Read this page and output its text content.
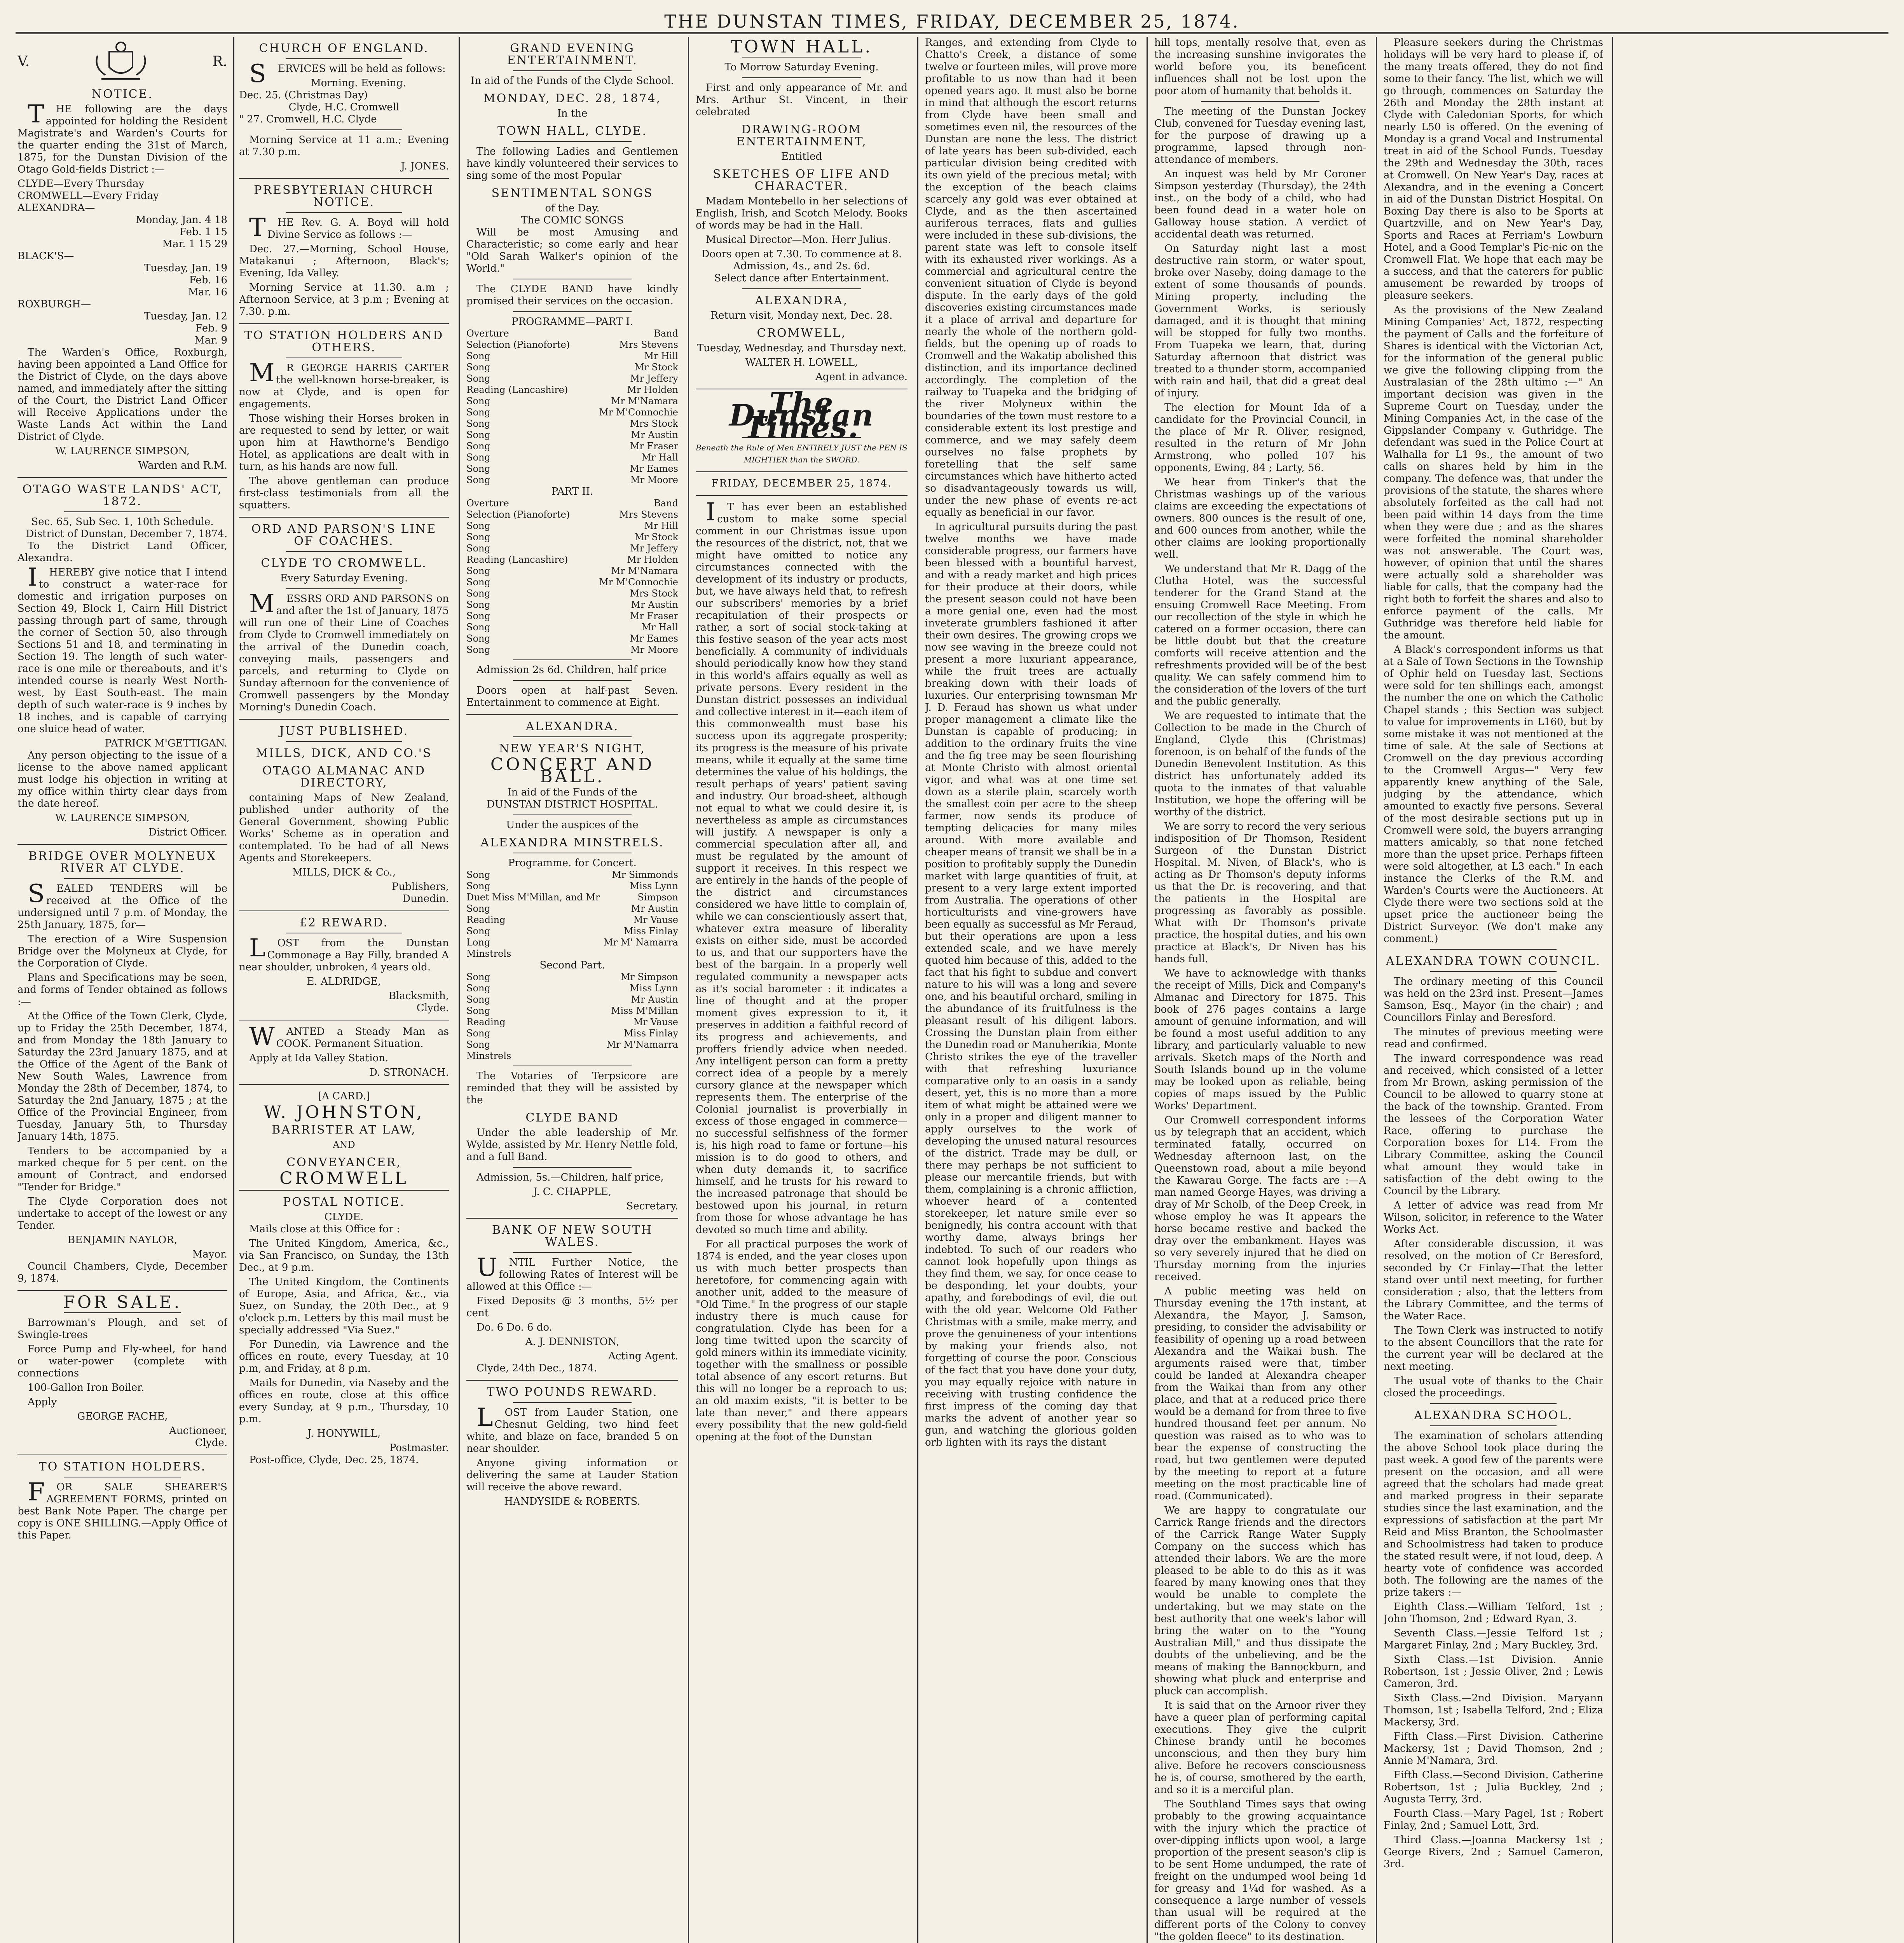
THE DUNSTAN TIMES, FRIDAY, DECEMBER 25, 1874.
V.	R.
NOTICE.

THE following are the days appointed for holding the Resident Magistrate's and Warden's Courts for the quarter ending the 31st of March, 1875, for the Dunstan Division of the Otago Gold-fields District :—

CLYDE—Every Thursday
CROMWELL—Every Friday
ALEXANDRA—
Monday, Jan. 4 18
Feb. 1 15
Mar. 1 15 29
BLACK'S—
Tuesday, Jan. 19
Feb. 16
Mar. 16
ROXBURGH—
Tuesday, Jan. 12
Feb. 9
Mar. 9

The Warden's Office, Roxburgh, having been appointed a Land Office for the District of Clyde, on the days above named, and immediately after the sitting of the Court, the District Land Officer will Receive Applications under the Waste Lands Act within the Land District of Clyde.

W. LAURENCE SIMPSON,
Warden and R.M.
OTAGO WASTE LANDS' ACT, 1872.
Sec. 65, Sub Sec. 1, 10th Schedule.
District of Dunstan, December 7, 1874.

To the District Land Officer, Alexandra.

IHEREBY give notice that I intend to construct a water-race for domestic and irrigation purposes on Section 49, Block 1, Cairn Hill District passing through part of same, through the corner of Section 50, also through Sections 51 and 18, and terminating in Section 19. The length of such water-race is one mile or thereabouts, and it's intended course is nearly West North-west, by East South-east. The main depth of such water-race is 9 inches by 18 inches, and is capable of carrying one sluice head of water.

PATRICK M'GETTIGAN.

Any person objecting to the issue of a license to the above named applicant must lodge his objection in writing at my office within thirty clear days from the date hereof.

W. LAURENCE SIMPSON,
District Officer.
BRIDGE OVER MOLYNEUX RIVER AT CLYDE.

SEALED TENDERS will be received at the Office of the undersigned until 7 p.m. of Monday, the 25th January, 1875, for—

The erection of a Wire Suspension Bridge over the Molyneux at Clyde, for the Corporation of Clyde.

Plans and Specifications may be seen, and forms of Tender obtained as follows :—

At the Office of the Town Clerk, Clyde, up to Friday the 25th December, 1874, and from Monday the 18th January to Saturday the 23rd January 1875, and at the Office of the Agent of the Bank of New South Wales, Lawrence from Monday the 28th of December, 1874, to Saturday the 2nd January, 1875 ; at the Office of the Provincial Engineer, from Tuesday, January 5th, to Thursday January 14th, 1875.

Tenders to be accompanied by a marked cheque for 5 per cent. on the amount of Contract, and endorsed "Tender for Bridge."

The Clyde Corporation does not undertake to accept of the lowest or any Tender.

BENJAMIN NAYLOR,
Mayor.

Council Chambers, Clyde, December 9, 1874.

FOR SALE.

Barrowman's Plough, and set of Swingle-trees

Force Pump and Fly-wheel, for hand or water-power (complete with connections

100-Gallon Iron Boiler.

Apply

GEORGE FACHE,
Auctioneer,
Clyde.
TO STATION HOLDERS.

FOR SALE SHEARER'S AGREEMENT FORMS, printed on best Bank Note Paper. The charge per copy is ONE SHILLING.—Apply Office of this Paper.

CHURCH OF ENGLAND.

SERVICES will be held as follows:

Morning. Evening.
Dec. 25. (Christmas Day)
Clyde, H.C. Cromwell
" 27. Cromwell, H.C. Clyde

Morning Service at 11 a.m.; Evening at 7.30 p.m.

J. JONES.
PRESBYTERIAN CHURCH NOTICE.

THE Rev. G. A. Boyd will hold Divine Service as follows :—

Dec. 27.—Morning, School House, Matakanui ; Afternoon, Black's; Evening, Ida Valley.

Morning Service at 11.30. a.m ; Afternoon Service, at 3 p.m ; Evening at 7.30. p.m.

TO STATION HOLDERS AND OTHERS.

MR GEORGE HARRIS CARTER the well-known horse-breaker, is now at Clyde, and is open for engagements.

Those wishing their Horses broken in are requested to send by letter, or wait upon him at Hawthorne's Bendigo Hotel, as applications are dealt with in turn, as his hands are now full.

The above gentleman can produce first-class testimonials from all the squatters.

ORD AND PARSON'S LINE OF COACHES.
CLYDE TO CROMWELL.
Every Saturday Evening.

MESSRS ORD AND PARSONS on and after the 1st of January, 1875 will run one of their Line of Coaches from Clyde to Cromwell immediately on the arrival of the Dunedin coach, conveying mails, passengers and parcels, and returning to Clyde on Sunday afternoon for the convenience of Cromwell passengers by the Monday Morning's Dunedin Coach.

JUST PUBLISHED.
MILLS, DICK, AND CO.'S
OTAGO ALMANAC AND DIRECTORY,

containing Maps of New Zealand, published under authority of the General Government, showing Public Works' Scheme as in operation and contemplated. To be had of all News Agents and Storekeepers.

MILLS, DICK & Co.,
Publishers,
Dunedin.
£2 REWARD.

LOST from the Dunstan Commonage a Bay Filly, branded A near shoulder, unbroken, 4 years old.

E. ALDRIDGE,
Blacksmith,
Clyde.

WANTED a Steady Man as COOK. Permanent Situation.

Apply at Ida Valley Station.

D. STRONACH.
[A CARD.]
W. JOHNSTON,
BARRISTER AT LAW,
AND
CONVEYANCER,
CROMWELL
POSTAL NOTICE.
CLYDE.

Mails close at this Office for :

The United Kingdom, America, &c., via San Francisco, on Sunday, the 13th Dec., at 9 p.m.

The United Kingdom, the Continents of Europe, Asia, and Africa, &c., via Suez, on Sunday, the 20th Dec., at 9 o'clock p.m. Letters by this mail must be specially addressed "Via Suez."

For Dunedin, via Lawrence and the offices en route, every Tuesday, at 10 p.m, and Friday, at 8 p.m.

Mails for Dunedin, via Naseby and the offices en route, close at this office every Sunday, at 9 p.m., Thursday, 10 p.m.

J. HONYWILL,
Postmaster.

Post-office, Clyde, Dec. 25, 1874.

GRAND EVENING ENTERTAINMENT.
In aid of the Funds of the Clyde School.
MONDAY, DEC. 28, 1874,
In the
TOWN HALL, CLYDE.

The following Ladies and Gentlemen have kindly volunteered their services to sing some of the most Popular

SENTIMENTAL SONGS
of the Day.
The COMIC SONGS

Will be most Amusing and Characteristic; so come early and hear "Old Sarah Walker's opinion of the World."

The CLYDE BAND have kindly promised their services on the occasion.

PROGRAMME—PART I.
Overture	Band
Selection (Pianoforte)	Mrs Stevens
Song	Mr Hill
Song	Mr Stock
Song	Mr Jeffery
Reading (Lancashire)	Mr Holden
Song	Mr M'Namara
Song	Mr M'Connochie
Song	Mrs Stock
Song	Mr Austin
Song	Mr Fraser
Song	Mr Hall
Song	Mr Eames
Song	Mr Moore
PART II.
Overture	Band
Selection (Pianoforte)	Mrs Stevens
Song	Mr Hill
Song	Mr Stock
Song	Mr Jeffery
Reading (Lancashire)	Mr Holden
Song	Mr M'Namara
Song	Mr M'Connochie
Song	Mrs Stock
Song	Mr Austin
Song	Mr Fraser
Song	Mr Hall
Song	Mr Eames
Song	Mr Moore

Admission 2s 6d. Children, half price

Doors open at half-past Seven. Entertainment to commence at Eight.

ALEXANDRA.
NEW YEAR'S NIGHT,
CONCERT AND BALL.
In aid of the Funds of the
DUNSTAN DISTRICT HOSPITAL.
Under the auspices of the
ALEXANDRA MINSTRELS.
Programme. for Concert.
Song	Mr Simmonds
Song	Miss Lynn
Duet Miss M'Millan, and Mr	Simpson
Song	Mr Austin
Reading	Mr Vause
Song	Miss Finlay
Long	Mr M' Namarra
Minstrels
Second Part.
Song	Mr Simpson
Song	Miss Lynn
Song	Mr Austin
Song	Miss M'Millan
Reading	Mr Vause
Song	Miss Finlay
Song	Mr M'Namarra
Minstrels

The Votaries of Terpsicore are reminded that they will be assisted by the

CLYDE BAND

Under the able leadership of Mr. Wylde, assisted by Mr. Henry Nettle fold, and a full Band.

Admission, 5s.—Children, half price,

J. C. CHAPPLE,
Secretary.
BANK OF NEW SOUTH WALES.

UNTIL Further Notice, the following Rates of Interest will be allowed at this Office :—

Fixed Deposits @ 3 months, 5½ per cent

Do. 6 Do. 6 do.

A. J. DENNISTON,
Acting Agent.

Clyde, 24th Dec., 1874.

TWO POUNDS REWARD.

LOST from Lauder Station, one Chesnut Gelding, two hind feet white, and blaze on face, branded 5 on near shoulder.

Anyone giving information or delivering the same at Lauder Station will receive the above reward.

HANDYSIDE & ROBERTS.
TOWN HALL.
To Morrow Saturday Evening.

First and only appearance of Mr. and Mrs. Arthur St. Vincent, in their celebrated

DRAWING-ROOM ENTERTAINMENT,
Entitled
SKETCHES OF LIFE AND CHARACTER.

Madam Montebello in her selections of English, Irish, and Scotch Melody. Books of words may be had in the Hall.

Musical Director—Mon. Herr Julius.

Doors open at 7.30. To commence at 8.
Admission, 4s., and 2s. 6d.
Select dance after Entertainment.
ALEXANDRA,
Return visit, Monday next, Dec. 28.
CROMWELL,
Tuesday, Wednesday, and Thursday next.
WALTER H. LOWELL,
Agent in advance.
The Dunstan Times.
Beneath the Rule of Men ENTIRELY JUST the PEN IS MIGHTIER than the SWORD.
FRIDAY, DECEMBER 25, 1874.

IT has ever been an established custom to make some special comment in our Christmas issue upon the resources of the district, not, that we might have omitted to notice any circumstances connected with the development of its industry or products, but, we have always held that, to refresh our subscribers' memories by a brief recapitulation of their prospects or rather, a sort of social stock-taking at this festive season of the year acts most beneficially. A community of individuals should periodically know how they stand in this world's affairs equally as well as private persons. Every resident in the Dunstan district possesses an individual and collective interest in it—each item of this commonwealth must base his success upon its aggregate prosperity; its progress is the measure of his private means, while it equally at the same time determines the value of his holdings, the result perhaps of years' patient saving and industry. Our broad-sheet, although not equal to what we could desire it, is nevertheless as ample as circumstances will justify. A newspaper is only a commercial speculation after all, and must be regulated by the amount of support it receives. In this respect we are entirely in the hands of the people of the district and circumstances considered we have little to complain of, while we can conscientiously assert that, whatever extra measure of liberality exists on either side, must be accorded to us, and that our supporters have the best of the bargain. In a properly well regulated community a newspaper acts as it's social barometer : it indicates a line of thought and at the proper moment gives expression to it, it preserves in addition a faithful record of its progress and achievements, and proffers friendly advice when needed. Any intelligent person can form a pretty correct idea of a people by a merely cursory glance at the newspaper which represents them. The enterprise of the Colonial journalist is proverbially in excess of those engaged in commerce—no successful selfishness of the former is, his high road to fame or fortune—his mission is to do good to others, and when duty demands it, to sacrifice himself, and he trusts for his reward to the increased patronage that should be bestowed upon his journal, in return from those for whose advantage he has devoted so much time and ability.

For all practical purposes the work of 1874 is ended, and the year closes upon us with much better prospects than heretofore, for commencing again with another unit, added to the measure of "Old Time." In the progress of our staple industry there is much cause for congratulation. Clyde has been for a long time twitted upon the scarcity of gold miners within its immediate vicinity, together with the smallness or possible total absence of any escort returns. But this will no longer be a reproach to us; an old maxim exists, "it is better to be late than never," and there appears every possibility that the new gold-field opening at the foot of the Dunstan

Ranges, and extending from Clyde to Chatto's Creek, a distance of some twelve or fourteen miles, will prove more profitable to us now than had it been opened years ago. It must also be borne in mind that although the escort returns from Clyde have been small and sometimes even nil, the resources of the Dunstan are none the less. The district of late years has been sub-divided, each particular division being credited with its own yield of the precious metal; with the exception of the beach claims scarcely any gold was ever obtained at Clyde, and as the then ascertained auriferous terraces, flats and gullies were included in these sub-divisions, the parent state was left to console itself with its exhausted river workings. As a commercial and agricultural centre the convenient situation of Clyde is beyond dispute. In the early days of the gold discoveries existing circumstances made it a place of arrival and departure for nearly the whole of the northern gold-fields, but the opening up of roads to Cromwell and the Wakatip abolished this distinction, and its importance declined accordingly. The completion of the railway to Tuapeka and the bridging of the river Molyneux within the boundaries of the town must restore to a considerable extent its lost prestige and commerce, and we may safely deem ourselves no false prophets by foretelling that the self same circumstances which have hitherto acted so disadvantageously towards us will, under the new phase of events re-act equally as beneficial in our favor.

In agricultural pursuits during the past twelve months we have made considerable progress, our farmers have been blessed with a bountiful harvest, and with a ready market and high prices for their produce at their doors, while the present season could not have been a more genial one, even had the most inveterate grumblers fashioned it after their own desires. The growing crops we now see waving in the breeze could not present a more luxuriant appearance, while the fruit trees are actually breaking down with their loads of luxuries. Our enterprising townsman Mr J. D. Feraud has shown us what under proper management a climate like the Dunstan is capable of producing; in addition to the ordinary fruits the vine and the fig tree may be seen flourishing at Monte Christo with almost oriental vigor, and what was at one time set down as a sterile plain, scarcely worth the smallest coin per acre to the sheep farmer, now sends its produce of tempting delicacies for many miles around. With more available and cheaper means of transit we shall be in a position to profitably supply the Dunedin market with large quantities of fruit, at present to a very large extent imported from Australia. The operations of other horticulturists and vine-growers have been equally as successful as Mr Feraud, but their operations are upon a less extended scale, and we have merely quoted him because of this, added to the fact that his fight to subdue and convert nature to his will was a long and severe one, and his beautiful orchard, smiling in the abundance of its fruitfulness is the pleasant result of his diligent labors. Crossing the Dunstan plain from either the Dunedin road or Manuherikia, Monte Christo strikes the eye of the traveller with that refreshing luxuriance comparative only to an oasis in a sandy desert, yet, this is no more than a more item of what might be attained were we only in a proper and diligent manner to apply ourselves to the work of developing the unused natural resources of the district. Trade may be dull, or there may perhaps be not sufficient to please our mercantile friends, but with them, complaining is a chronic affliction, whoever heard of a contented storekeeper, let nature smile ever so benignedly, his contra account with that worthy dame, always brings her indebted. To such of our readers who cannot look hopefully upon things as they find them, we say, for once cease to be desponding, let your doubts, your apathy, and forebodings of evil, die out with the old year. Welcome Old Father Christmas with a smile, make merry, and prove the genuineness of your intentions by making your friends also, not forgetting of course the poor. Conscious of the fact that you have done your duty, you may equally rejoice with nature in receiving with trusting confidence the first impress of the coming day that marks the advent of another year so gun, and watching the glorious golden orb lighten with its rays the distant

hill tops, mentally resolve that, even as the increasing sunshine invigorates the world before you, its beneficent influences shall not be lost upon the poor atom of humanity that beholds it.

The meeting of the Dunstan Jockey Club, convened for Tuesday evening last, for the purpose of drawing up a programme, lapsed through non-attendance of members.

An inquest was held by Mr Coroner Simpson yesterday (Thursday), the 24th inst., on the body of a child, who had been found dead in a water hole on Galloway house station. A verdict of accidental death was returned.

On Saturday night last a most destructive rain storm, or water spout, broke over Naseby, doing damage to the extent of some thousands of pounds. Mining property, including the Government Works, is seriously damaged, and it is thought that mining will be stopped for fully two months. From Tuapeka we learn, that, during Saturday afternoon that district was treated to a thunder storm, accompanied with rain and hail, that did a great deal of injury.

The election for Mount Ida of a candidate for the Provincial Council, in the place of Mr R. Oliver, resigned, resulted in the return of Mr John Armstrong, who polled 107 his opponents, Ewing, 84 ; Larty, 56.

We hear from Tinker's that the Christmas washings up of the various claims are exceeding the expectations of owners. 800 ounces is the result of one, and 600 ounces from another, while the other claims are looking proportionally well.

We understand that Mr R. Dagg of the Clutha Hotel, was the successful tenderer for the Grand Stand at the ensuing Cromwell Race Meeting. From our recollection of the style in which he catered on a former occasion, there can be little doubt but that the creature comforts will receive attention and the refreshments provided will be of the best quality. We can safely commend him to the consideration of the lovers of the turf and the public generally.

We are requested to intimate that the Collection to be made in the Church of England, Clyde this (Christmas) forenoon, is on behalf of the funds of the Dunedin Benevolent Institution. As this district has unfortunately added its quota to the inmates of that valuable Institution, we hope the offering will be worthy of the district.

We are sorry to record the very serious indisposition of Dr Thomson, Resident Surgeon of the Dunstan District Hospital. M. Niven, of Black's, who is acting as Dr Thomson's deputy informs us that the Dr. is recovering, and that the patients in the Hospital are progressing as favorably as possible. What with Dr Thomson's private practice, the hospital duties, and his own practice at Black's, Dr Niven has his hands full.

We have to acknowledge with thanks the receipt of Mills, Dick and Company's Almanac and Directory for 1875. This book of 276 pages contains a large amount of genuine information, and will be found a most useful addition to any library, and particularly valuable to new arrivals. Sketch maps of the North and South Islands bound up in the volume may be looked upon as reliable, being copies of maps issued by the Public Works' Department.

Our Cromwell correspondent informs us by telegraph that an accident, which terminated fatally, occurred on Wednesday afternoon last, on the Queenstown road, about a mile beyond the Kawarau Gorge. The facts are :—A man named George Hayes, was driving a dray of Mr Scholb, of the Deep Creek, in whose employ he was It appears the horse became restive and backed the dray over the embankment. Hayes was so very severely injured that he died on Thursday morning from the injuries received.

A public meeting was held on Thursday evening the 17th instant, at Alexandra, the Mayor, J. Samson, presiding, to consider the advisability or feasibility of opening up a road between Alexandra and the Waikai bush. The arguments raised were that, timber could be landed at Alexandra cheaper from the Waikai than from any other place, and that at a reduced price there would be a demand for from three to five hundred thousand feet per annum. No question was raised as to who was to bear the expense of constructing the road, but two gentlemen were deputed by the meeting to report at a future meeting on the most practicable line of road. (Communicated).

We are happy to congratulate our Carrick Range friends and the directors of the Carrick Range Water Supply Company on the success which has attended their labors. We are the more pleased to be able to do this as it was feared by many knowing ones that they would be unable to complete the undertaking, but we may state on the best authority that one week's labor will bring the water on to the "Young Australian Mill," and thus dissipate the doubts of the unbelieving, and be the means of making the Bannockburn, and showing what pluck and enterprise and pluck can accomplish.

It is said that on the Arnoor river they have a queer plan of performing capital executions. They give the culprit Chinese brandy until he becomes unconscious, and then they bury him alive. Before he recovers consciousness he is, of course, smothered by the earth, and so it is a merciful plan.

The Southland Times says that owing probably to the growing acquaintance with the injury which the practice of over-dipping inflicts upon wool, a large proportion of the present season's clip is to be sent Home undumped, the rate of freight on the undumped wool being 1d for greasy and 1¼d for washed. As a consequence a large number of vessels than usual will be required at the different ports of the Colony to convey "the golden fleece" to its destination.

Pleasure seekers during the Christmas holidays will be very hard to please if, of the many treats offered, they do not find some to their fancy. The list, which we will go through, commences on Saturday the 26th and Monday the 28th instant at Clyde with Caledonian Sports, for which nearly L50 is offered. On the evening of Monday is a grand Vocal and Instrumental treat in aid of the School Funds. Tuesday the 29th and Wednesday the 30th, races at Cromwell. On New Year's Day, races at Alexandra, and in the evening a Concert in aid of the Dunstan District Hospital. On Boxing Day there is also to be Sports at Quartzville, and on New Year's Day, Sports and Races at Ferriam's Lowburn Hotel, and a Good Templar's Pic-nic on the Cromwell Flat. We hope that each may be a success, and that the caterers for public amusement be rewarded by troops of pleasure seekers.

As the provisions of the New Zealand Mining Companies' Act, 1872, respecting the payment of Calls and the forfeiture of Shares is identical with the Victorian Act, for the information of the general public we give the following clipping from the Australasian of the 28th ultimo :—" An important decision was given in the Supreme Court on Tuesday, under the Mining Companies Act, in the case of the Gippslander Company v. Guthridge. The defendant was sued in the Police Court at Walhalla for L1 9s., the amount of two calls on shares held by him in the company. The defence was, that under the provisions of the statute, the shares where absolutely forfeited as the call had not been paid within 14 days from the time when they were due ; and as the shares were forfeited the nominal shareholder was not answerable. The Court was, however, of opinion that until the shares were actually sold a shareholder was liable for calls, that the company had the right both to forfeit the shares and also to enforce payment of the calls. Mr Guthridge was therefore held liable for the amount.

A Black's correspondent informs us that at a Sale of Town Sections in the Township of Ophir held on Tuesday last, Sections were sold for ten shillings each, amongst the number the one on which the Catholic Chapel stands ; this Section was subject to value for improvements in L160, but by some mistake it was not mentioned at the time of sale. At the sale of Sections at Cromwell on the day previous according to the Cromwell Argus—" Very few apparently knew anything of the Sale, judging by the attendance, which amounted to exactly five persons. Several of the most desirable sections put up in Cromwell were sold, the buyers arranging matters amicably, so that none fetched more than the upset price. Perhaps fifteen were sold altogether, at L3 each." In each instance the Clerks of the R.M. and Warden's Courts were the Auctioneers. At Clyde there were two sections sold at the upset price the auctioneer being the District Surveyor. (We don't make any comment.)

ALEXANDRA TOWN COUNCIL.

The ordinary meeting of this Council was held on the 23rd inst. Present—James Samson, Esq., Mayor (in the chair) ; and Councillors Finlay and Beresford.

The minutes of previous meeting were read and confirmed.

The inward correspondence was read and received, which consisted of a letter from Mr Brown, asking permission of the Council to be allowed to quarry stone at the back of the township. Granted. From the lessees of the Corporation Water Race, offering to purchase the Corporation boxes for L14. From the Library Committee, asking the Council what amount they would take in satisfaction of the debt owing to the Council by the Library.

A letter of advice was read from Mr Wilson, solicitor, in reference to the Water Works Act.

After considerable discussion, it was resolved, on the motion of Cr Beresford, seconded by Cr Finlay—That the letter stand over until next meeting, for further consideration ; also, that the letters from the Library Committee, and the terms of the Water Race.

The Town Clerk was instructed to notify to the absent Councillors that the rate for the current year will be declared at the next meeting.

The usual vote of thanks to the Chair closed the proceedings.

ALEXANDRA SCHOOL.

The examination of scholars attending the above School took place during the past week. A good few of the parents were present on the occasion, and all were agreed that the scholars had made great and marked progress in their separate studies since the last examination, and the expressions of satisfaction at the part Mr Reid and Miss Branton, the Schoolmaster and Schoolmistress had taken to produce the stated result were, if not loud, deep. A hearty vote of confidence was accorded both. The following are the names of the prize takers :—

Eighth Class.—William Telford, 1st ; John Thomson, 2nd ; Edward Ryan, 3.

Seventh Class.—Jessie Telford 1st ; Margaret Finlay, 2nd ; Mary Buckley, 3rd.

Sixth Class.—1st Division. Annie Robertson, 1st ; Jessie Oliver, 2nd ; Lewis Cameron, 3rd.

Sixth Class.—2nd Division. Maryann Thomson, 1st ; Isabella Telford, 2nd ; Eliza Mackersy, 3rd.

Fifth Class.—First Division. Catherine Mackersy, 1st ; David Thomson, 2nd ; Annie M'Namara, 3rd.

Fifth Class.—Second Division. Catherine Robertson, 1st ; Julia Buckley, 2nd ; Augusta Terry, 3rd.

Fourth Class.—Mary Pagel, 1st ; Robert Finlay, 2nd ; Samuel Lott, 3rd.

Third Class.—Joanna Mackersy 1st ; George Rivers, 2nd ; Samuel Cameron, 3rd.
